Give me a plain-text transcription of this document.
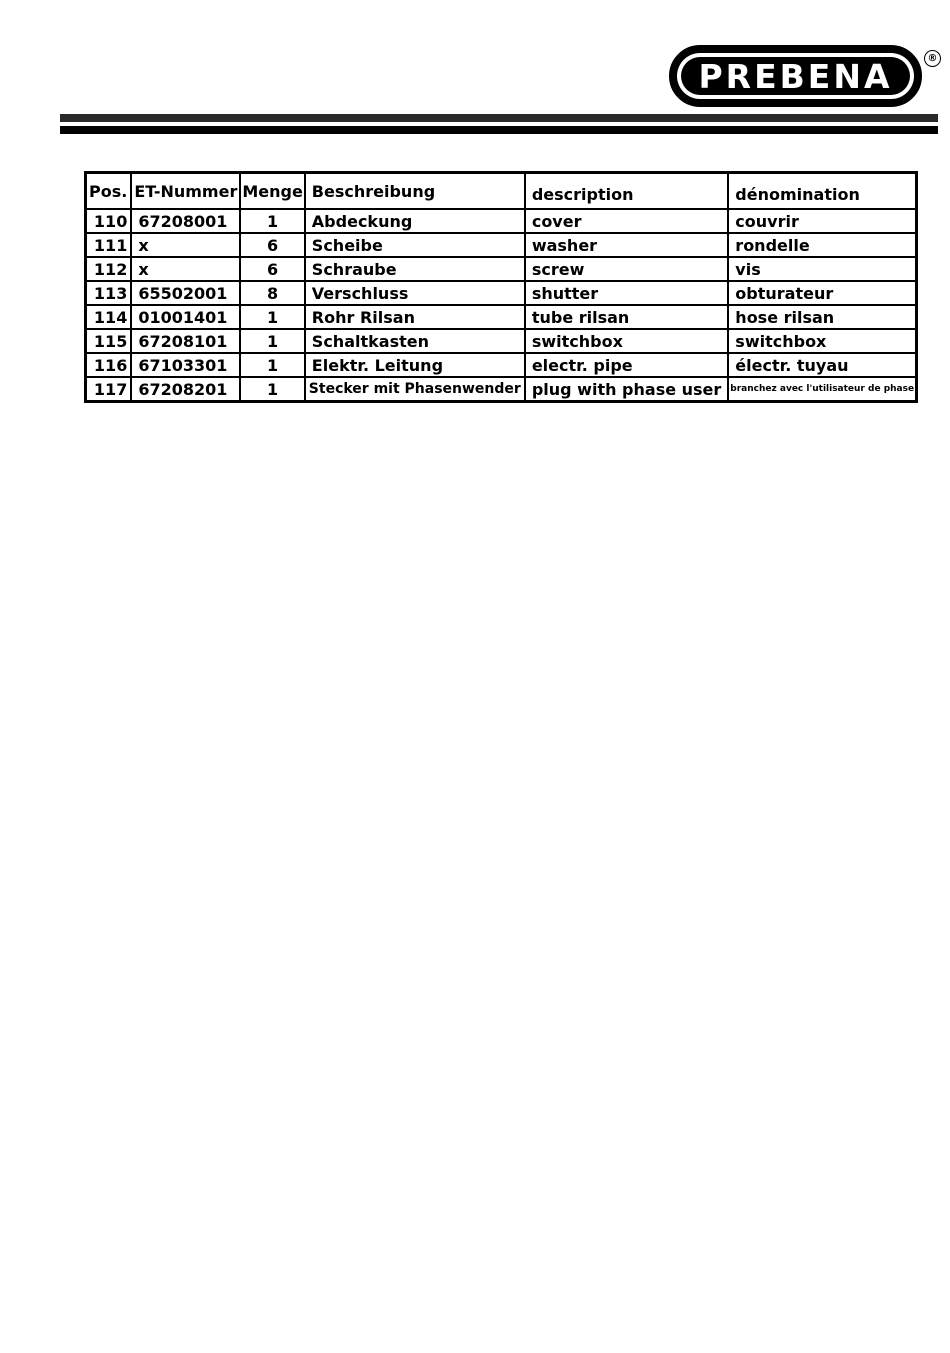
PREBENA	®
Pos.	ET-Nummer	Menge	Beschreibung	description	dénomination
110	67208001	1	Abdeckung	cover	couvrir
111	x	6	Scheibe	washer	rondelle
112	x	6	Schraube	screw	vis
113	65502001	8	Verschluss	shutter	obturateur
114	01001401	1	Rohr Rilsan	tube rilsan	hose rilsan
115	67208101	1	Schaltkasten	switchbox	switchbox
116	67103301	1	Elektr. Leitung	electr. pipe	électr. tuyau
117	67208201	1	Stecker mit Phasenwender	plug with phase user	branchez avec l'utilisateur de phase
